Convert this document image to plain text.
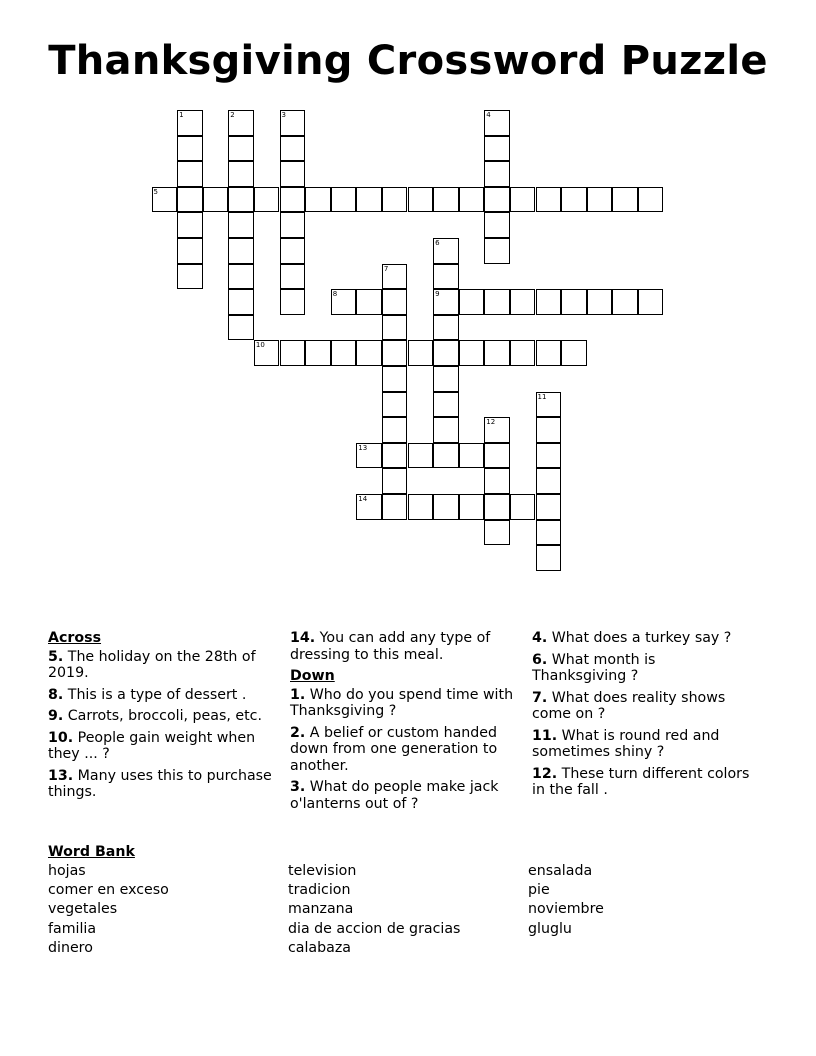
Thanksgiving Crossword Puzzle
1	2	3	4
5
6
9
7
8
10
11
12
13
14
Across
5. The holiday on the 28th of 2019.
8. This is a type of dessert .
9. Carrots, broccoli, peas, etc.
10. People gain weight when they ... ?
13. Many uses this to purchase things.
14. You can add any type of dressing to this meal.
Down
1. Who do you spend time with Thanksgiving ?
2. A belief or custom handed down from one generation to another.
3. What do people make jack o'lanterns out of ?
4. What does a turkey say ?
6. What month is Thanksgiving ?
7. What does reality shows come on ?
11. What is round red and sometimes shiny ?
12. These turn different colors in the fall .
Word Bank
hojas
comer en exceso
vegetales
familia
dinero
television
tradicion
manzana
dia de accion de gracias
calabaza
ensalada
pie
noviembre
gluglu
